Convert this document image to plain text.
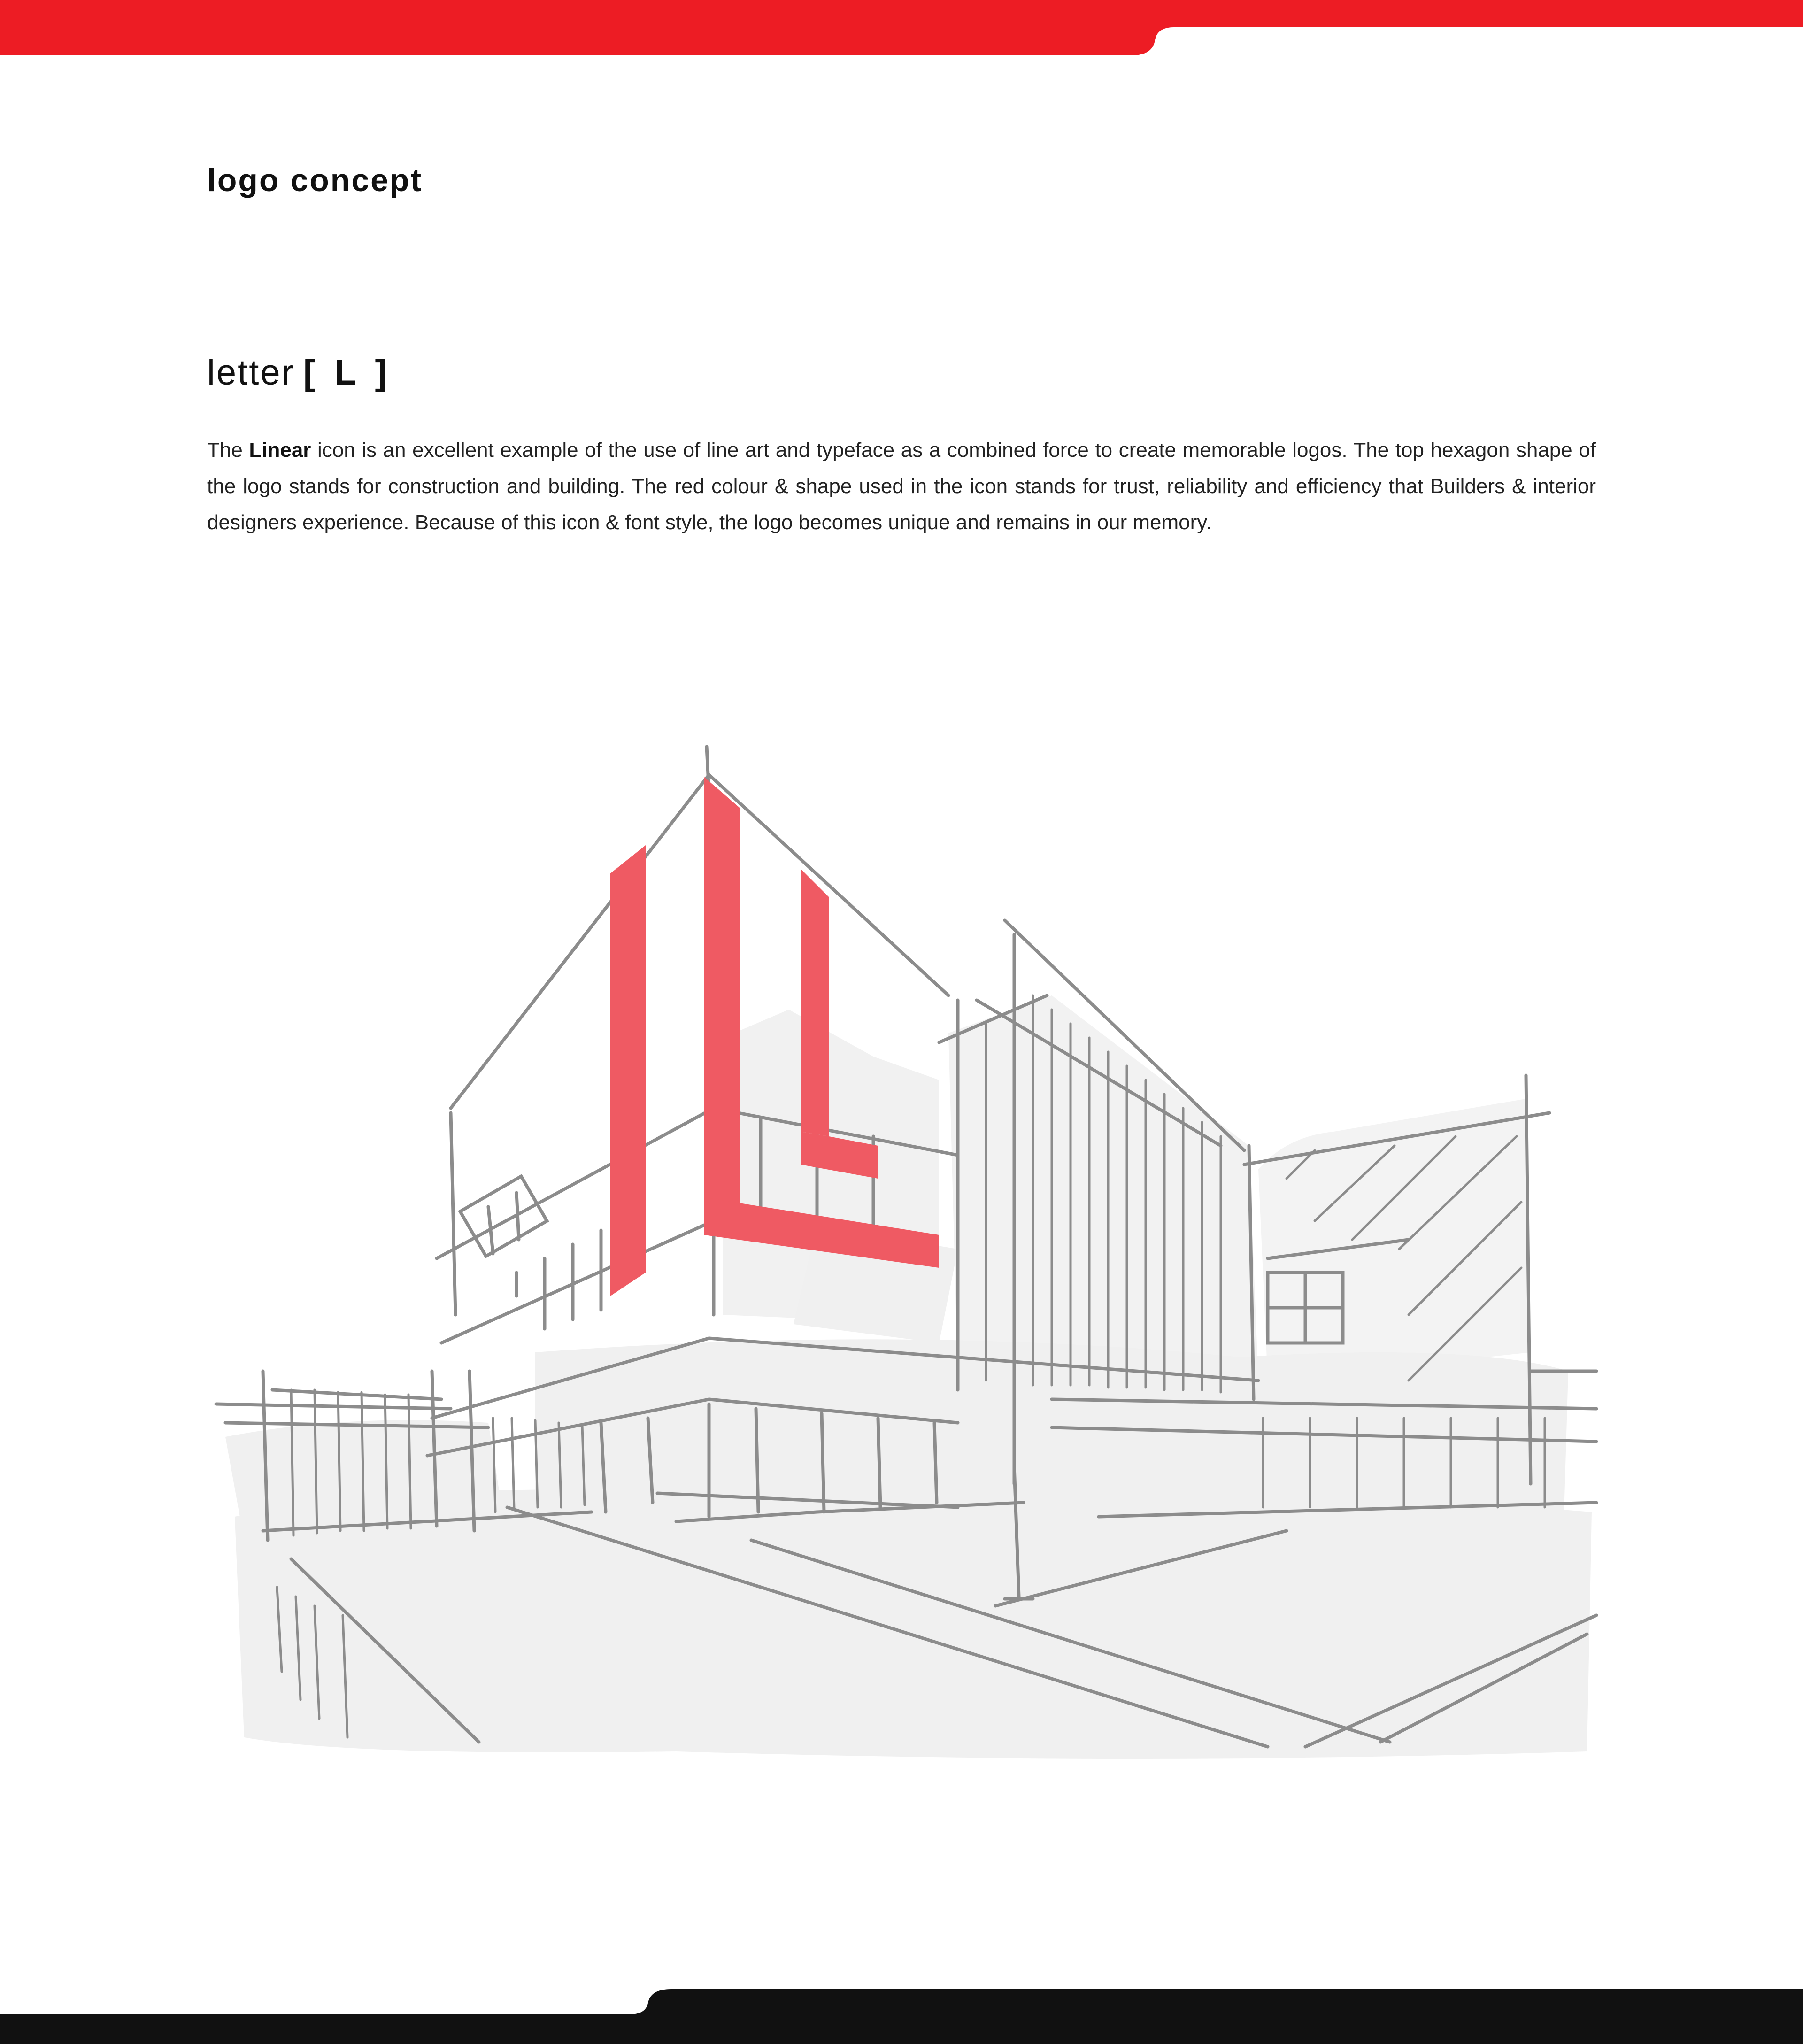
logo concept
letter [ L ]

The Linear icon is an excellent example of the use of line art and typeface as a combined force to create memorable logos. The top hexagon shape of the logo stands for construction and building. The red colour & shape used in the icon stands for trust, reliability and efficiency that Builders & interior designers experience. Because of this icon & font style, the logo becomes unique and remains in our memory.
